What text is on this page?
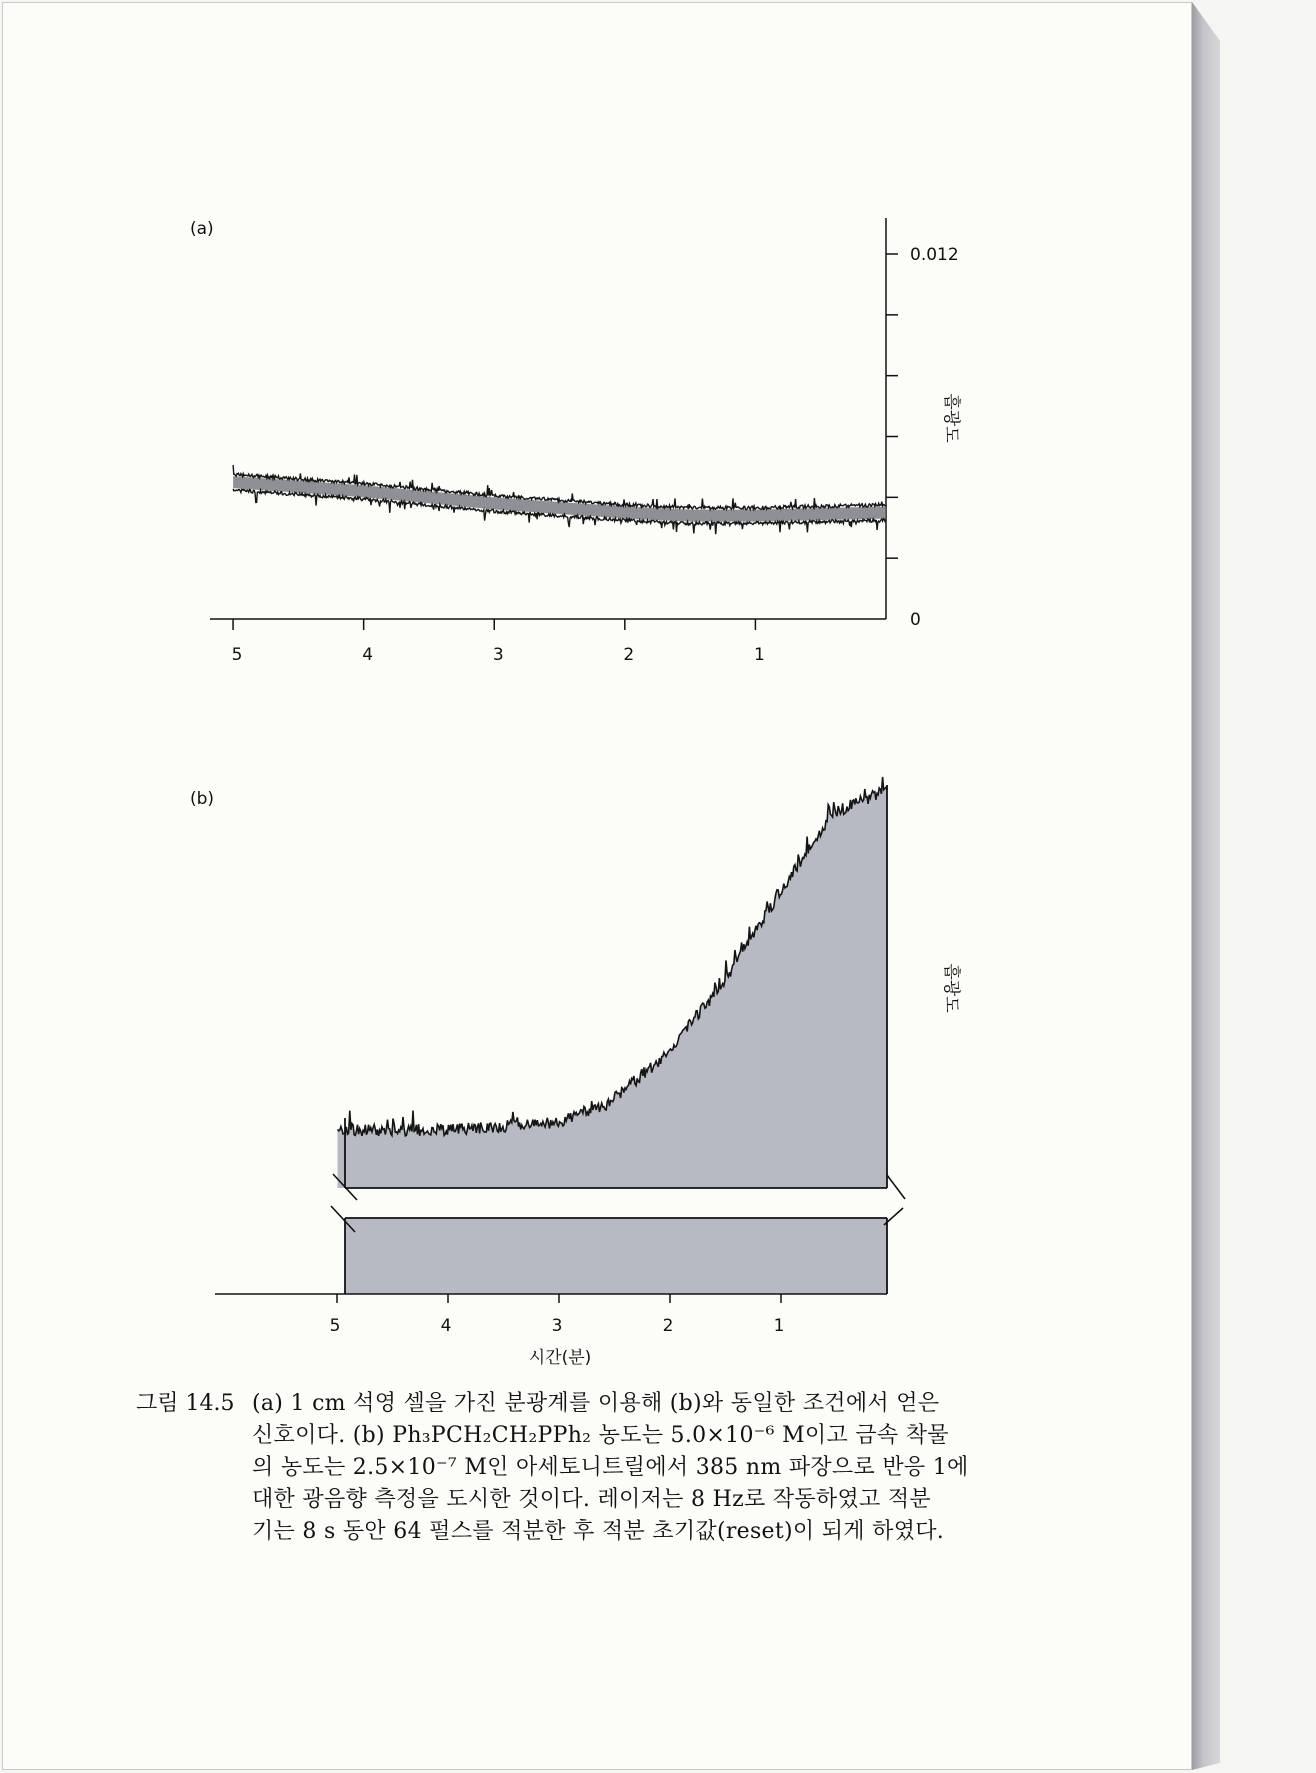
(a)
5	4	3	2	1
0.012
0
흡광도
(b)
5	4	3	2	1
시간(분)
흡광도
그림 14.5 (a) 1 cm 석영 셀을 가진 분광계를 이용해 (b)와 동일한 조건에서 얻은
신호이다. (b) Ph₃PCH₂CH₂PPh₂ 농도는 5.0×10⁻⁶ M이고 금속 착물
의 농도는 2.5×10⁻⁷ M인 아세토니트릴에서 385 nm 파장으로 반응 1에
대한 광음향 측정을 도시한 것이다. 레이저는 8 Hz로 작동하였고 적분
기는 8 s 동안 64 펄스를 적분한 후 적분 초기값(reset)이 되게 하였다.
